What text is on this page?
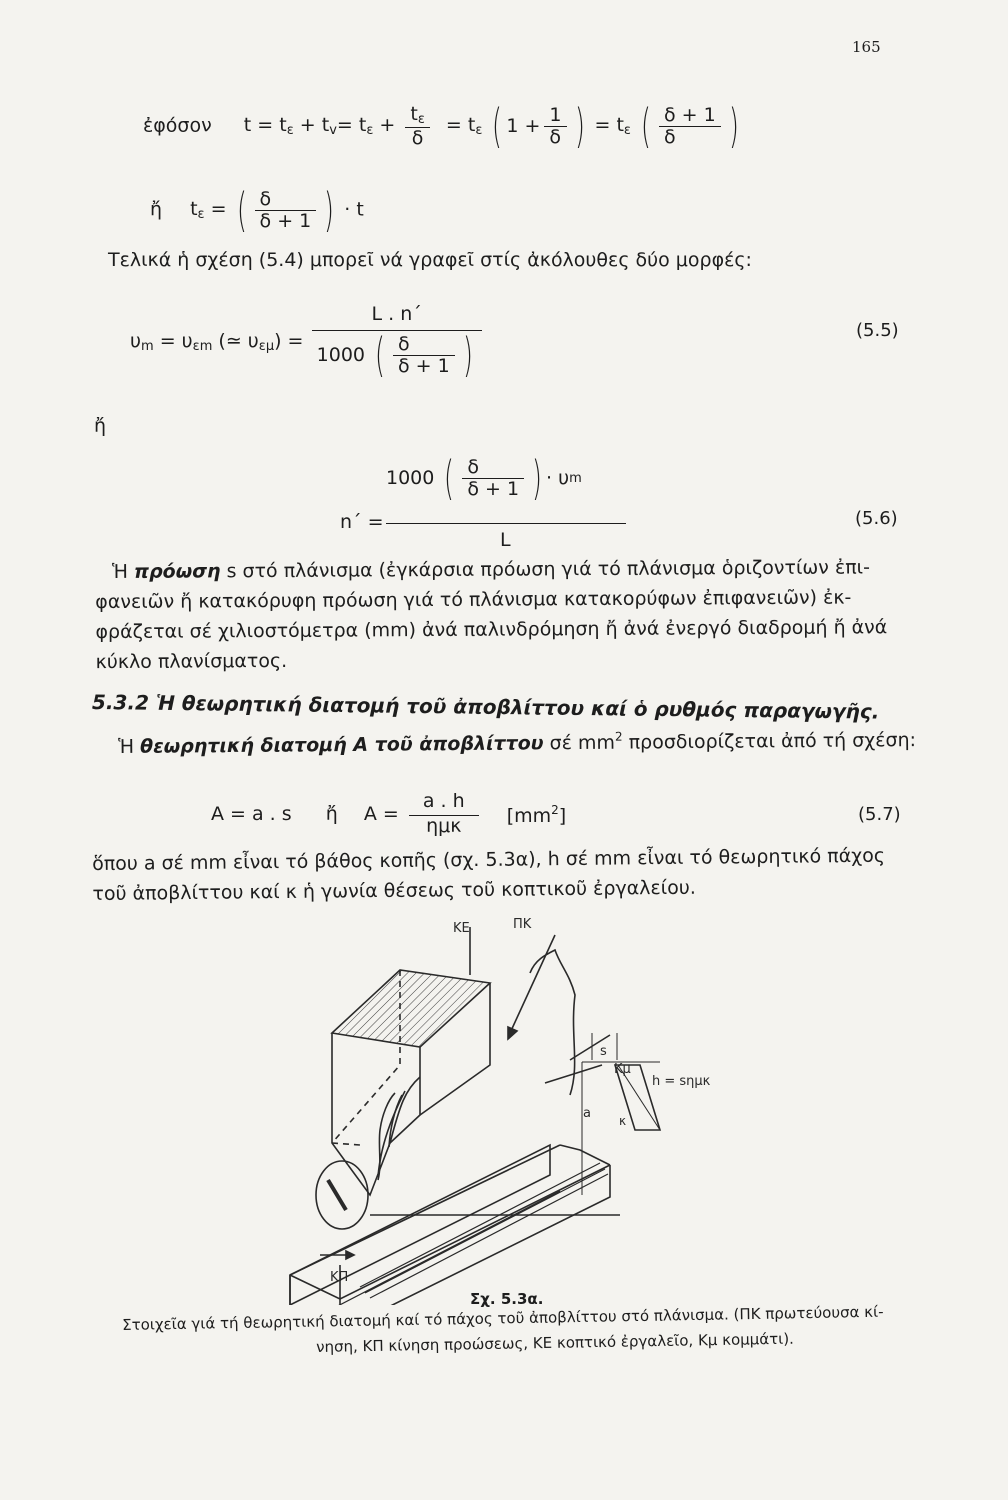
165
ἐφόσον $t = t_\varepsilon + t_v= t_\varepsilon + \frac{t_\varepsilon}{\delta} = t_\varepsilon$ ( $1 + \frac{1}{\delta}$ ) = $t_\varepsilon$ ( $\frac{\delta + 1}{\delta}$ )
ἤ $t_\varepsilon$ = ( $\frac{\delta}{\delta + 1}$ ) · t
Τελικά ἡ σχέση (5.4) μπορεῖ νά γραφεῖ στίς ἀκόλουθες δύο μορφές:
$\upsilon_m = \upsilon_{\varepsilon m}$ (≃ $\upsilon_{\varepsilon\mu}) = \frac{L . n΄}{1000 ( \frac{\delta}{\delta + 1} )}$	(5.5)
ἤ
1000 ( $\frac{\delta}{\delta + 1}$ ) · υm
n΄ =
L
(5.6)
Ἡ πρόωση s στό πλάνισμα (ἐγκάρσια πρόωση γιά τό πλάνισμα ὁριζοντίων ἐπι-
φανειῶν ἤ κατακόρυφη πρόωση γιά τό πλάνισμα κατακορύφων ἐπιφανειῶν) ἐκ-
φράζεται σέ χιλιοστόμετρα (mm) ἀνά παλινδρόμηση ἤ ἀνά ἐνεργό διαδρομή ἤ ἀνά
κύκλο πλανίσματος.
5.3.2 Ἡ θεωρητική διατομή τοῦ ἀποβλίττου καί ὁ ρυθμός παραγωγῆς.
Ἡ θεωρητική διατομή A τοῦ ἀποβλίττου σέ $mm^2$ προσδιορίζεται ἀπό τή σχέση:
A = a . s ἤ A =
a . h
ημκ $[mm^2]$	(5.7)
ὅπου a σέ mm εἶναι τό βάθος κοπῆς (σχ. 5.3α), h σέ mm εἶναι τό θεωρητικό πάχος
τοῦ ἀποβλίττου καί κ ἡ γωνία θέσεως τοῦ κοπτικοῦ ἐργαλείου.
ΚΕ	ΠΚ
Κμ
ΚΠ
s
h = sημκ
a κ
Σχ. 5.3α.
Στοιχεῖα γιά τή θεωρητική διατομή καί τό πάχος τοῦ ἀποβλίττου στό πλάνισμα. (ΠΚ πρωτεύουσα κί-
νηση, ΚΠ κίνηση προώσεως, ΚΕ κοπτικό ἐργαλεῖο, Κμ κομμάτι).
